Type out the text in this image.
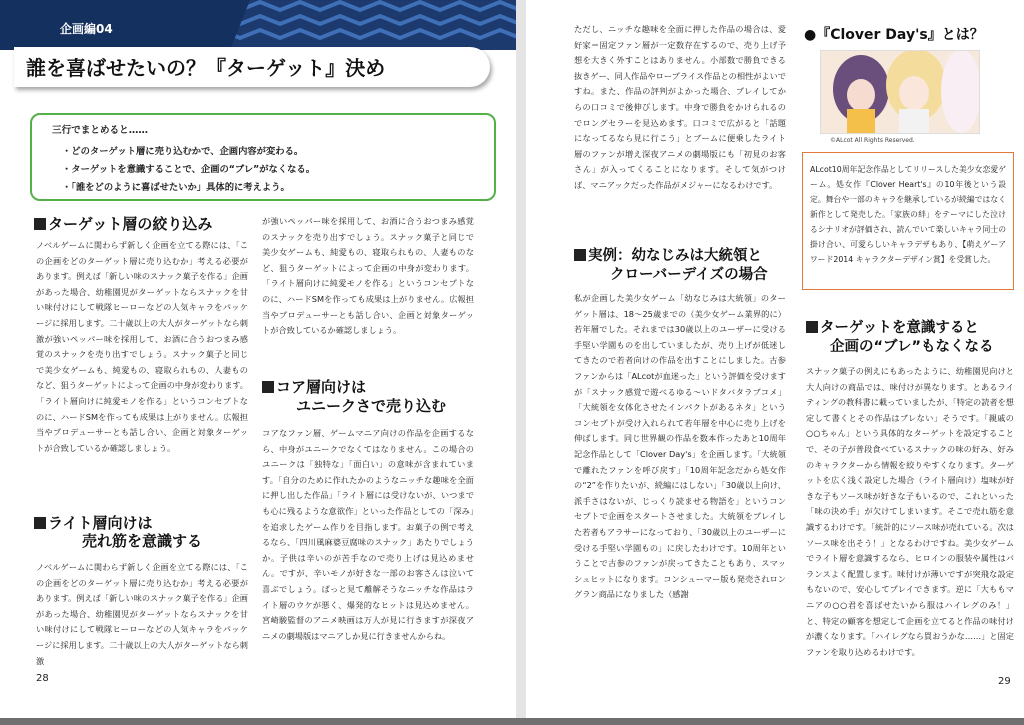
企画編04
誰を喜ばせたいの？『ターゲット』決め
三行でまとめると……
・どのターゲット層に売り込むかで、企画内容が変わる。
・ターゲットを意識することで、企画の“ブレ”がなくなる。
・「誰をどのように喜ばせたいか」具体的に考えよう。
ターゲット層の絞り込み

ノベルゲームに関わらず新しく企画を立てる際には、「この企画をどのターゲット層に売り込むか」考える必要があります。例えば「新しい味のスナック菓子を作る」企画があった場合、幼稚園児がターゲットならスナックを甘い味付けにして戦隊ヒーローなどの人気キャラをパッケージに採用します。二十歳以上の大人がターゲットなら刺激が強いペッパー味を採用して、お酒に合うおつまみ感覚のスナックを売り出すでしょう。スナック菓子と同じで美少女ゲームも、純愛もの、寝取られもの、人妻ものなど、狙うターゲットによって企画の中身が変わります。「ライト層向けに純愛モノを作る」というコンセプトなのに、ハードSMを作っても成果は上がりません。広報担当やプロデューサーとも話し合い、企画と対象ターゲットが合致しているか確認しましょう。

ライト層向けは
売れ筋を意識する

ノベルゲームに関わらず新しく企画を立てる際には、「この企画をどのターゲット層に売り込むか」考える必要があります。例えば「新しい味のスナック菓子を作る」企画があった場合、幼稚園児がターゲットならスナックを甘い味付けにして戦隊ヒーローなどの人気キャラをパッケージに採用します。二十歳以上の大人がターゲットなら刺激

が強いペッパー味を採用して、お酒に合うおつまみ感覚のスナックを売り出すでしょう。スナック菓子と同じで美少女ゲームも、純愛もの、寝取られもの、人妻ものなど、狙うターゲットによって企画の中身が変わります。「ライト層向けに純愛モノを作る」というコンセプトなのに、ハードSMを作っても成果は上がりません。広報担当やプロデューサーとも話し合い、企画と対象ターゲットが合致しているか確認しましょう。

コア層向けは
ユニークさで売り込む

コアなファン層、ゲームマニア向けの作品を企画するなら、中身がユニークでなくてはなりません。この場合のユニークは「独特な」「面白い」の意味が含まれています。「自分のために作れたかのようなニッチな趣味を全面に押し出した作品」「ライト層には受けないが、いつまでも心に残るような意欲作」といった作品としての「深み」を追求したゲーム作りを目指します。お菓子の例で考えるなら、「四川風麻婆豆腐味のスナック」あたりでしょうか。子供は辛いのが苦手なので売り上げは見込めません。ですが、辛いモノが好きな一部のお客さんは泣いて喜ぶでしょう。ぱっと見て離解そうなニッチな作品はライト層のウケが悪く、爆発的なヒットは見込めません。宮崎駿監督のアニメ映画は万人が見に行きますが深夜アニメの劇場版はマニアしか見に行きませんからね。

28

ただし、ニッチな趣味を全面に押した作品の場合は、愛好家＝固定ファン層が一定数存在するので、売り上げ予想を大きく外すことはありません。小部数で勝負できる抜きゲー、同人作品やロープライス作品との相性がよいですね。また、作品の評判がよかった場合、プレイしてからの口コミで後伸びします。中身で勝負をかけられるのでロングセラーを見込めます。口コミで広がると「話題になってるなら見に行こう」とブームに便乗したライト層のファンが増え深夜アニメの劇場版にも「初見のお客さん」が入ってくることになります。そして気がつけば、マニアックだった作品がメジャーになるわけです。

実例：幼なじみは大統領と
クローバーデイズの場合

私が企画した美少女ゲーム「幼なじみは大統領」のターゲット層は、18〜25歳までの（美少女ゲーム業界的に）若年層でした。それまでは30歳以上のユーザーに受ける手堅い学園ものを出していましたが、売り上げが低迷してきたので若者向けの作品を出すことにしました。古参ファンからは「ALcotが血迷った」という評価を受けますが「スナック感覚で遊べるゆる〜いドタバタラブコメ」「大統領を女体化させたインパクトがあるネタ」というコンセプトが受け入れられて若年層を中心に売り上げを伸ばします。同じ世界観の作品を数本作ったあと10周年記念作品として「Clover Day's」を企画します。「大統領で離れたファンを呼び戻す」「10周年記念だから処女作の“2”を作りたいが、続編にはしない」「30歳以上向け、派手さはないが、じっくり読ませる物語を」というコンセプトで企画をスタートさせました。大統領をプレイした若者もアラサーになっており、「30歳以上のユーザーに受ける手堅い学園もの」に戻したわけです。10周年ということで古参のファンが戻ってきたこともあり、スマッシュヒットになります。コンシューマー版も発売されロングラン商品になりました（感謝

●『Clover Day's』とは？
©ALcot All Rights Reserved.

ALcot10周年記念作品としてリリースした美少女恋愛ゲーム。処女作『Clover Heart's』の10年後という設定。舞台や一部のキャラを継承しているが続編ではなく新作として発売した。「家族の絆」をテーマにした泣けるシナリオが評価され、読んでいて楽しいキャラ同士の掛け合い、可愛らしいキャラデザもあり、【萌えゲーアワード2014 キャラクターデザイン賞】を受賞した。

ターゲットを意識すると
企画の“ブレ”もなくなる

スナック菓子の例えにもあったように、幼稚園児向けと大人向けの商品では、味付けが異なります。とあるライティングの教科書に載っていましたが、「特定の読者を想定して書くとその作品はブレない」そうです。「親戚の○○ちゃん」という具体的なターゲットを設定することで、その子が普段食べているスナックの味の好み、好みのキャラクターから情報を絞りやすくなります。ターゲットを広く浅く設定した場合（ライト層向け）塩味が好きな子もソース味が好きな子もいるので、これといった「味の決め手」が欠けてしまいます。そこで売れ筋を意識するわけです。「統計的にソース味が売れている。次はソース味を出そう！」となるわけですね。美少女ゲームでライト層を意識するなら、ヒロインの服装や属性はバランスよく配置します。味付けが薄いですが突飛な設定もないので、安心してプレイできます。逆に「大ももマニアの○○君を喜ばせたいから服はハイレグのみ！」と、特定の顧客を想定して企画を立てると作品の味付けが濃くなります。「ハイレグなら買おうかな……」と固定ファンを取り込めるわけです。

29
